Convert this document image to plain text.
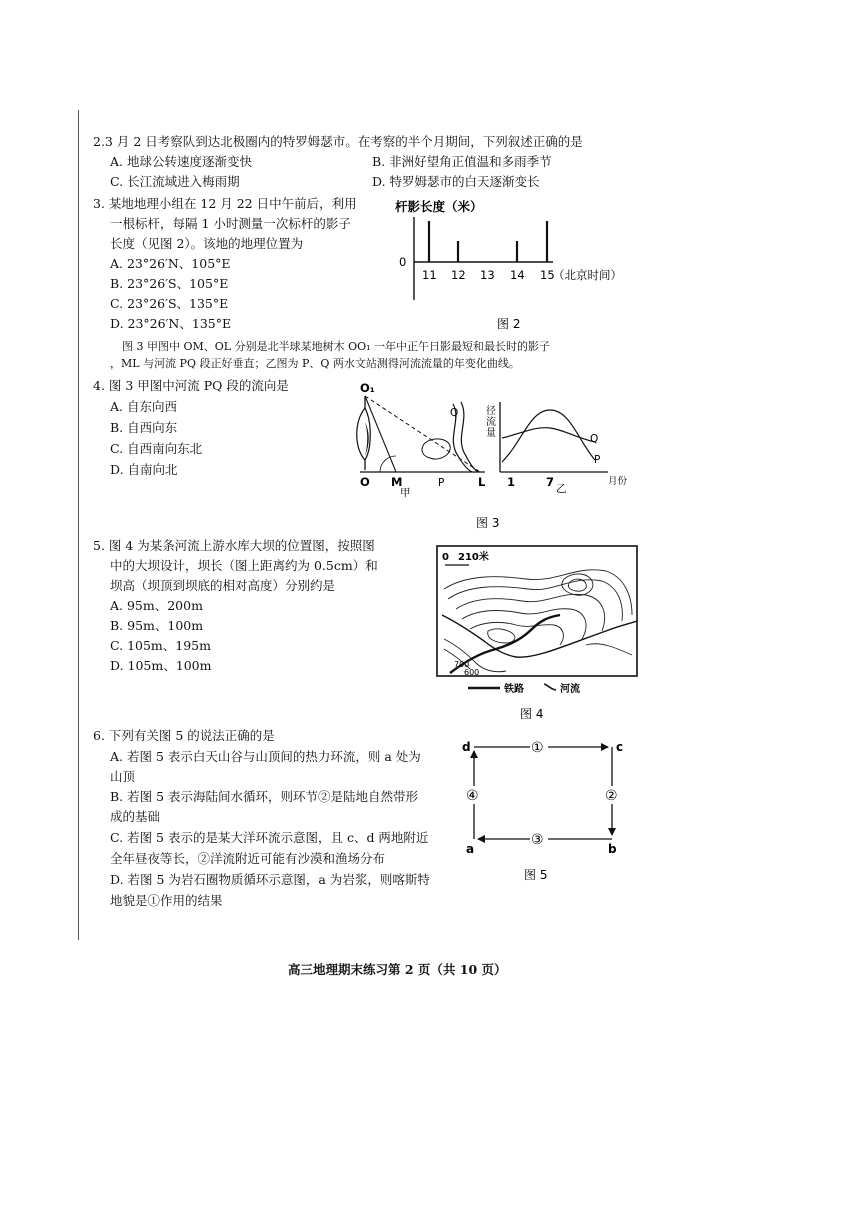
2.3 月 2 日考察队到达北极圈内的特罗姆瑟市。在考察的半个月期间，下列叙述正确的是
A. 地球公转速度逐渐变快	B. 非洲好望角正值温和多雨季节
C. 长江流域进入梅雨期	D. 特罗姆瑟市的白天逐渐变长
3. 某地地理小组在 12 月 22 日中午前后，利用
一根标杆，每隔 1 小时测量一次标杆的影子
长度（见图 2）。该地的地理位置为
A. 23°26′N、105°E
B. 23°26′S、105°E
C. 23°26′S、135°E
D. 23°26′N、135°E
杆影长度（米）
0
11 12 13 14 15
（北京时间）
图 2
图 3 甲图中 OM、OL 分别是北半球某地树木 OO₁ 一年中正午日影最短和最长时的影子
，ML 与河流 PQ 段正好垂直；乙图为 P、Q 两水文站测得河流流量的年变化曲线。
4. 图 3 甲图中河流 PQ 段的流向是
A. 自东向西
B. 自西向东
C. 自西南向东北
D. 自南向北
O₁
O M
甲
P
Q
L
径 流 量	Q
P
1	7 乙
月份
图 3
5. 图 4 为某条河流上游水库大坝的位置图，按照图
中的大坝设计，坝长（图上距离约为 0.5cm）和
坝高（坝顶到坝底的相对高度）分别约是
A. 95m、200m
B. 95m、100m
C. 105m、195m
D. 105m、100m
0 210米
700
600
铁路	河流
图 4
6. 下列有关图 5 的说法正确的是
A. 若图 5 表示白天山谷与山顶间的热力环流，则 a 处为
山顶
B. 若图 5 表示海陆间水循环，则环节②是陆地自然带形
成的基础
C. 若图 5 表示的是某大洋环流示意图，且 c、d 两地附近
全年昼夜等长，②洋流附近可能有沙漠和渔场分布
D. 若图 5 为岩石圈物质循环示意图，a 为岩浆，则喀斯特
地貌是①作用的结果
①
②
③
④
d	c
a	b
图 5
高三地理期末练习第 2 页（共 10 页）
